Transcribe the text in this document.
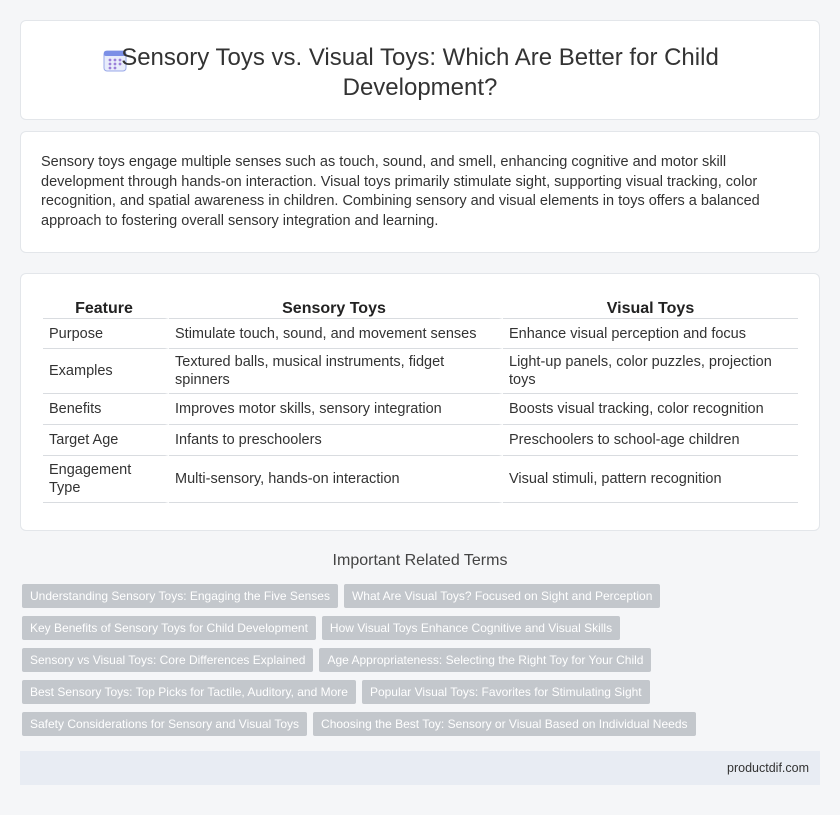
Sensory Toys vs. Visual Toys: Which Are Better for Child Development?

Sensory toys engage multiple senses such as touch, sound, and smell, enhancing cognitive and motor skill development through hands-on interaction. Visual toys primarily stimulate sight, supporting visual tracking, color recognition, and spatial awareness in children. Combining sensory and visual elements in toys offers a balanced approach to fostering overall sensory integration and learning.

Feature	Sensory Toys	Visual Toys
Purpose	Stimulate touch, sound, and movement senses	Enhance visual perception and focus
Examples	Textured balls, musical instruments, fidget spinners	Light-up panels, color puzzles, projection toys
Benefits	Improves motor skills, sensory integration	Boosts visual tracking, color recognition
Target Age	Infants to preschoolers	Preschoolers to school-age children
Engagement Type	Multi-sensory, hands-on interaction	Visual stimuli, pattern recognition
Important Related Terms
Understanding Sensory Toys: Engaging the Five Senses What Are Visual Toys? Focused on Sight and Perception
Key Benefits of Sensory Toys for Child Development How Visual Toys Enhance Cognitive and Visual Skills
Sensory vs Visual Toys: Core Differences Explained Age Appropriateness: Selecting the Right Toy for Your Child
Best Sensory Toys: Top Picks for Tactile, Auditory, and More Popular Visual Toys: Favorites for Stimulating Sight
Safety Considerations for Sensory and Visual Toys Choosing the Best Toy: Sensory or Visual Based on Individual Needs
productdif.com
